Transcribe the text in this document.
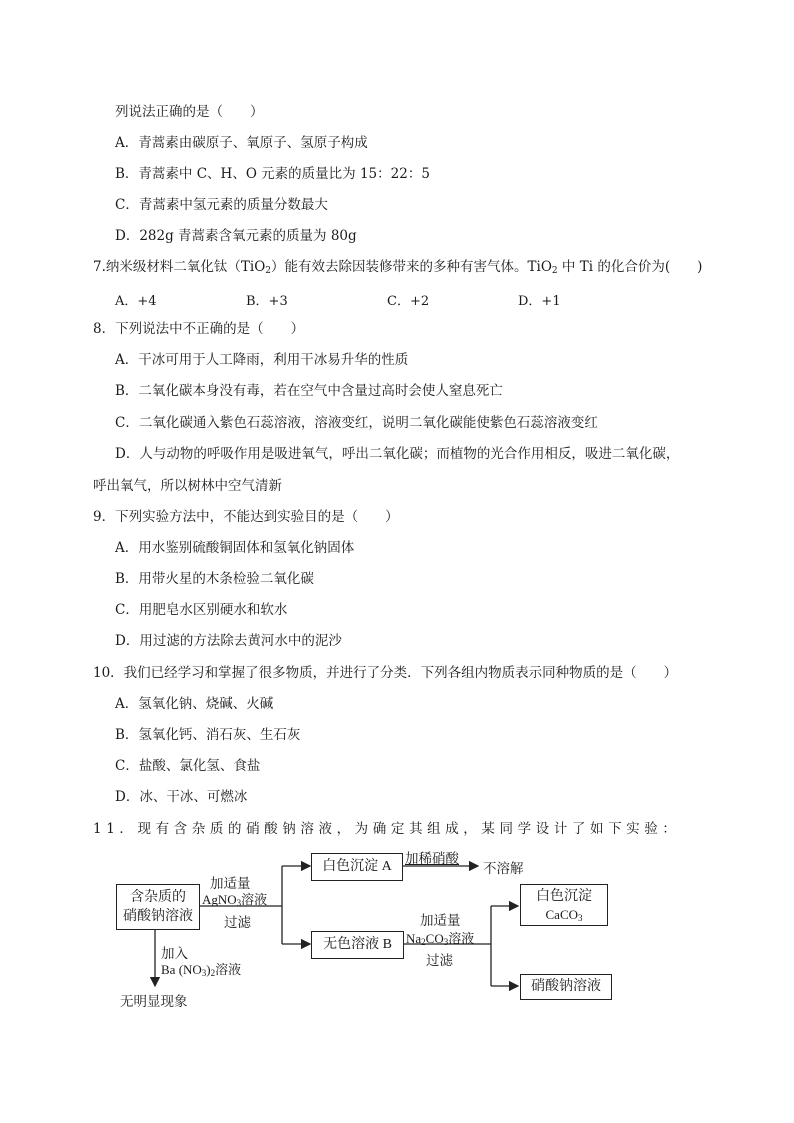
列说法正确的是（　　）
A．青蒿素由碳原子、氧原子、氢原子构成
B．青蒿素中 C、H、O 元素的质量比为 15：22：5
C．青蒿素中氢元素的质量分数最大
D．282g 青蒿素含氧元素的质量为 80g
7.纳米级材料二氧化钛（TiO$_2$）能有效去除因装修带来的多种有害气体。TiO$_2$ 中 Ti 的化合价为(　　)
A．+4	B．+3	C．+2	D．+1
8．下列说法中不正确的是（　　）
A．干冰可用于人工降雨，利用干冰易升华的性质
B．二氧化碳本身没有毒，若在空气中含量过高时会使人窒息死亡
C．二氧化碳通入紫色石蕊溶液，溶液变红，说明二氧化碳能使紫色石蕊溶液变红
D．人与动物的呼吸作用是吸进氧气，呼出二氧化碳；而植物的光合作用相反，吸进二氧化碳，
呼出氧气，所以树林中空气清新
9．下列实验方法中，不能达到实验目的是（　　）
A．用水鉴别硫酸铜固体和氢氧化钠固体
B．用带火星的木条检验二氧化碳
C．用肥皂水区别硬水和软水
D．用过滤的方法除去黄河水中的泥沙
10．我们已经学习和掌握了很多物质，并进行了分类．下列各组内物质表示同种物质的是（　　）
A．氢氧化钠、烧碱、火碱
B．氢氧化钙、消石灰、生石灰
C．盐酸、氯化氢、食盐
D．冰、干冰、可燃冰
11．现有含杂质的硝酸钠溶液，为确定其组成，某同学设计了如下实验：
含杂质的
硝酸钠溶液
加适量
AgNO$_3$溶液
过滤
白色沉淀 A
加稀硝酸
不溶解
无色溶液 B
加适量
$Na_2CO_3$溶液
过滤
白色沉淀
CaCO$_3$
硝酸钠溶液
加入
Ba $(NO_3)_2$溶液
无明显现象
